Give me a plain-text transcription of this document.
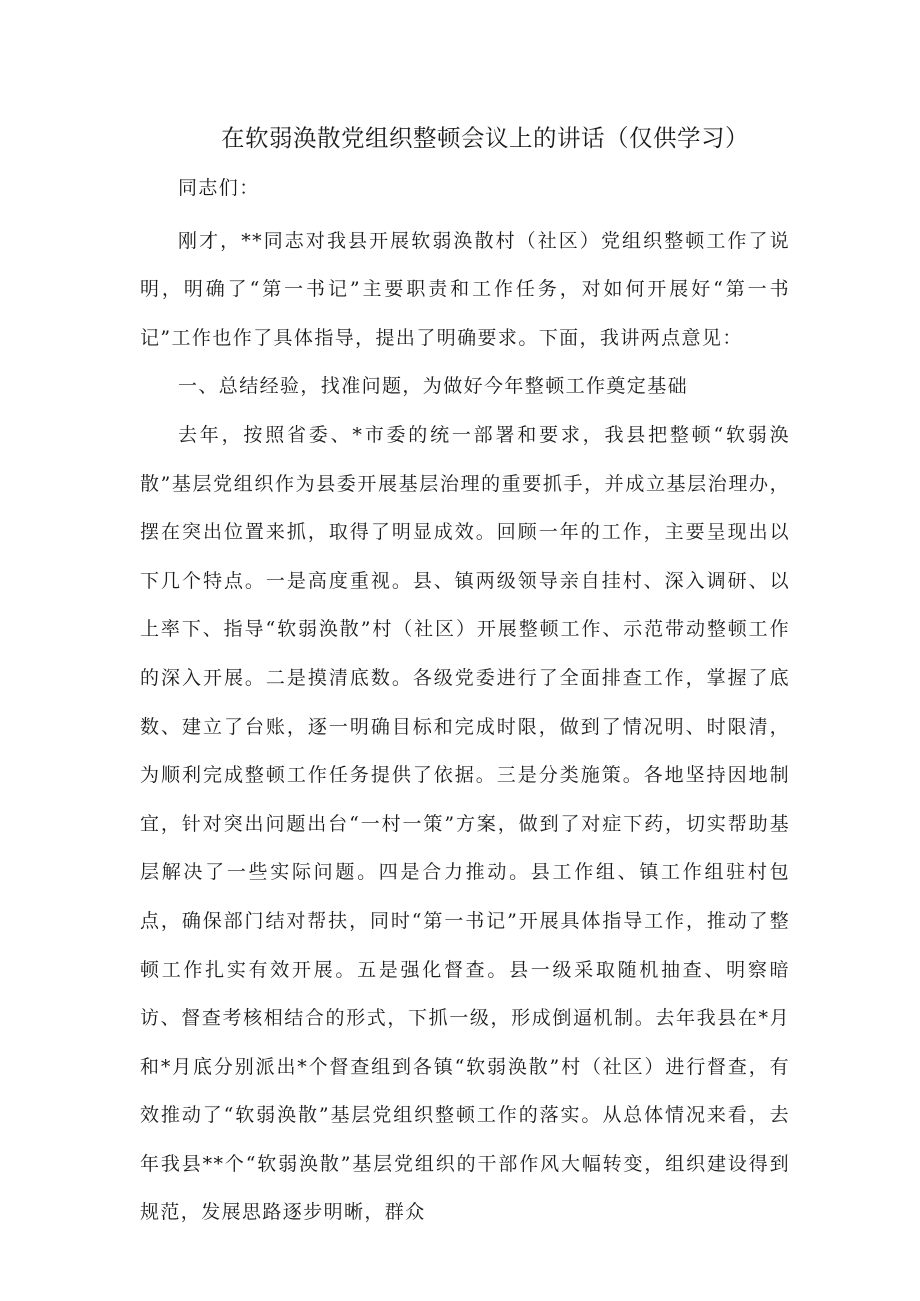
在软弱涣散党组织整顿会议上的讲话（仅供学习）

同志们：

刚才，**同志对我县开展软弱涣散村（社区）党组织整顿工作了说明，明确了“第一书记”主要职责和工作任务，对如何开展好“第一书记”工作也作了具体指导，提出了明确要求。下面，我讲两点意见：

一、总结经验，找准问题，为做好今年整顿工作奠定基础

去年，按照省委、*市委的统一部署和要求，我县把整顿“软弱涣散”基层党组织作为县委开展基层治理的重要抓手，并成立基层治理办，摆在突出位置来抓，取得了明显成效。回顾一年的工作，主要呈现出以下几个特点。一是高度重视。县、镇两级领导亲自挂村、深入调研、以上率下、指导“软弱涣散”村（社区）开展整顿工作、示范带动整顿工作的深入开展。二是摸清底数。各级党委进行了全面排查工作，掌握了底数、建立了台账，逐一明确目标和完成时限，做到了情况明、时限清，为顺利完成整顿工作任务提供了依据。三是分类施策。各地坚持因地制宜，针对突出问题出台“一村一策”方案，做到了对症下药，切实帮助基层解决了一些实际问题。四是合力推动。县工作组、镇工作组驻村包点，确保部门结对帮扶，同时“第一书记”开展具体指导工作，推动了整顿工作扎实有效开展。五是强化督查。县一级采取随机抽查、明察暗访、督查考核相结合的形式，下抓一级，形成倒逼机制。去年我县在*月和*月底分别派出*个督查组到各镇“软弱涣散”村（社区）进行督查，有效推动了“软弱涣散”基层党组织整顿工作的落实。从总体情况来看，去年我县**个“软弱涣散”基层党组织的干部作风大幅转变，组织建设得到规范，发展思路逐步明晰，群众
